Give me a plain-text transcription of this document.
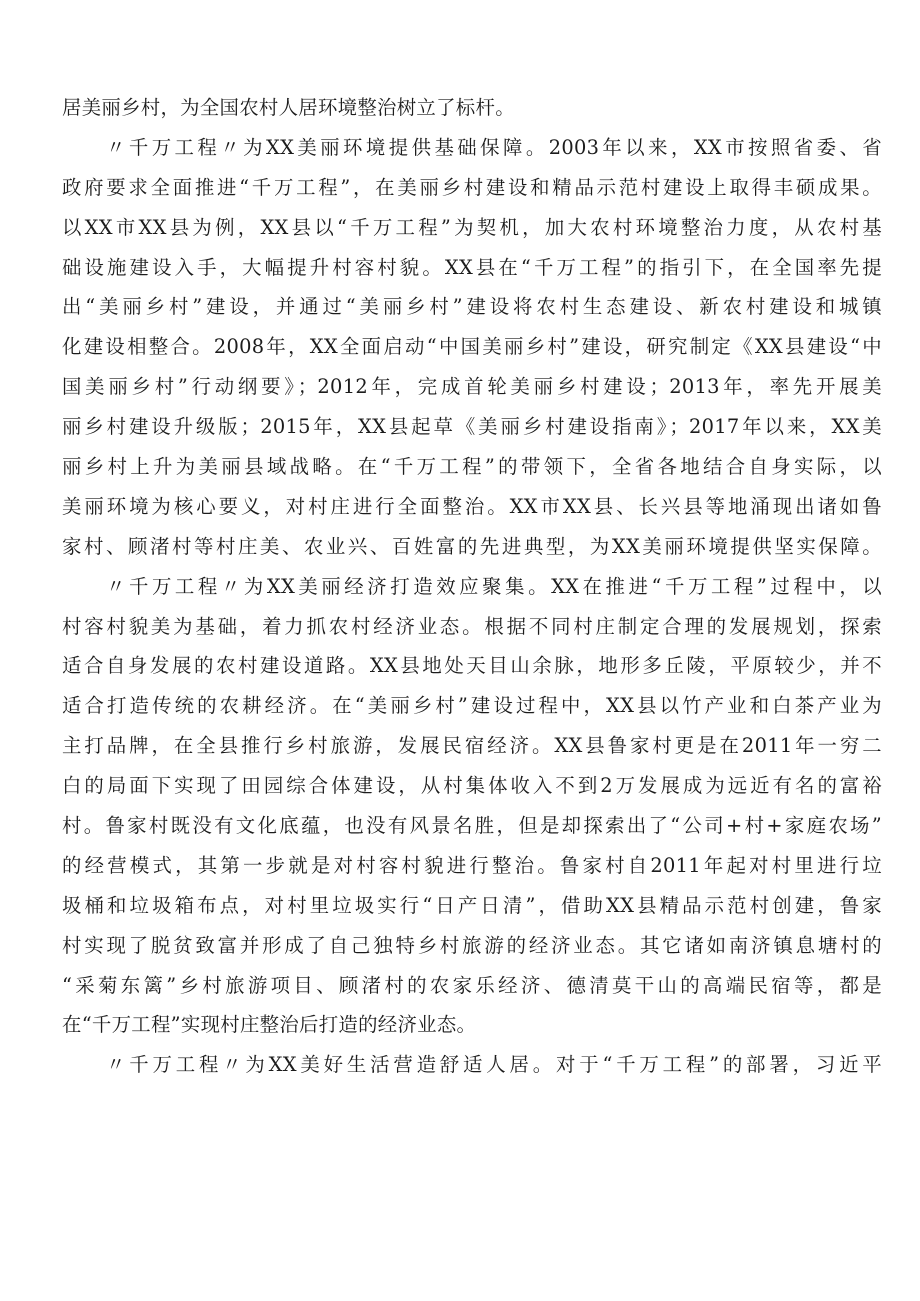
居美丽乡村，为全国农村人居环境整治树立了标杆。
〃千万工程〃为XX美丽环境提供基础保障。2003年以来，XX市按照省委、省
政府要求全面推进“千万工程”，在美丽乡村建设和精品示范村建设上取得丰硕成果。
以XX市XX县为例，XX县以“千万工程”为契机，加大农村环境整治力度，从农村基
础设施建设入手，大幅提升村容村貌。XX县在“千万工程”的指引下，在全国率先提
出“美丽乡村”建设，并通过“美丽乡村”建设将农村生态建设、新农村建设和城镇
化建设相整合。2008年，XX全面启动“中国美丽乡村”建设，研究制定《XX县建设“中
国美丽乡村”行动纲要》；2012年，完成首轮美丽乡村建设；2013年，率先开展美
丽乡村建设升级版；2015年，XX县起草《美丽乡村建设指南》；2017年以来，XX美
丽乡村上升为美丽县域战略。在“千万工程”的带领下，全省各地结合自身实际，以
美丽环境为核心要义，对村庄进行全面整治。XX市XX县、长兴县等地涌现出诸如鲁
家村、顾渚村等村庄美、农业兴、百姓富的先进典型，为XX美丽环境提供坚实保障。
〃千万工程〃为XX美丽经济打造效应聚集。XX在推进“千万工程”过程中，以
村容村貌美为基础，着力抓农村经济业态。根据不同村庄制定合理的发展规划，探索
适合自身发展的农村建设道路。XX县地处天目山余脉，地形多丘陵，平原较少，并不
适合打造传统的农耕经济。在“美丽乡村”建设过程中，XX县以竹产业和白茶产业为
主打品牌，在全县推行乡村旅游，发展民宿经济。XX县鲁家村更是在2011年一穷二
白的局面下实现了田园综合体建设，从村集体收入不到2万发展成为远近有名的富裕
村。鲁家村既没有文化底蕴，也没有风景名胜，但是却探索出了“公司+村+家庭农场”
的经营模式，其第一步就是对村容村貌进行整治。鲁家村自2011年起对村里进行垃
圾桶和垃圾箱布点，对村里垃圾实行“日产日清”，借助XX县精品示范村创建，鲁家
村实现了脱贫致富并形成了自己独特乡村旅游的经济业态。其它诸如南济镇息塘村的
“采菊东篱”乡村旅游项目、顾渚村的农家乐经济、德清莫干山的高端民宿等，都是
在“千万工程”实现村庄整治后打造的经济业态。
〃千万工程〃为XX美好生活营造舒适人居。对于“千万工程”的部署，习近平
